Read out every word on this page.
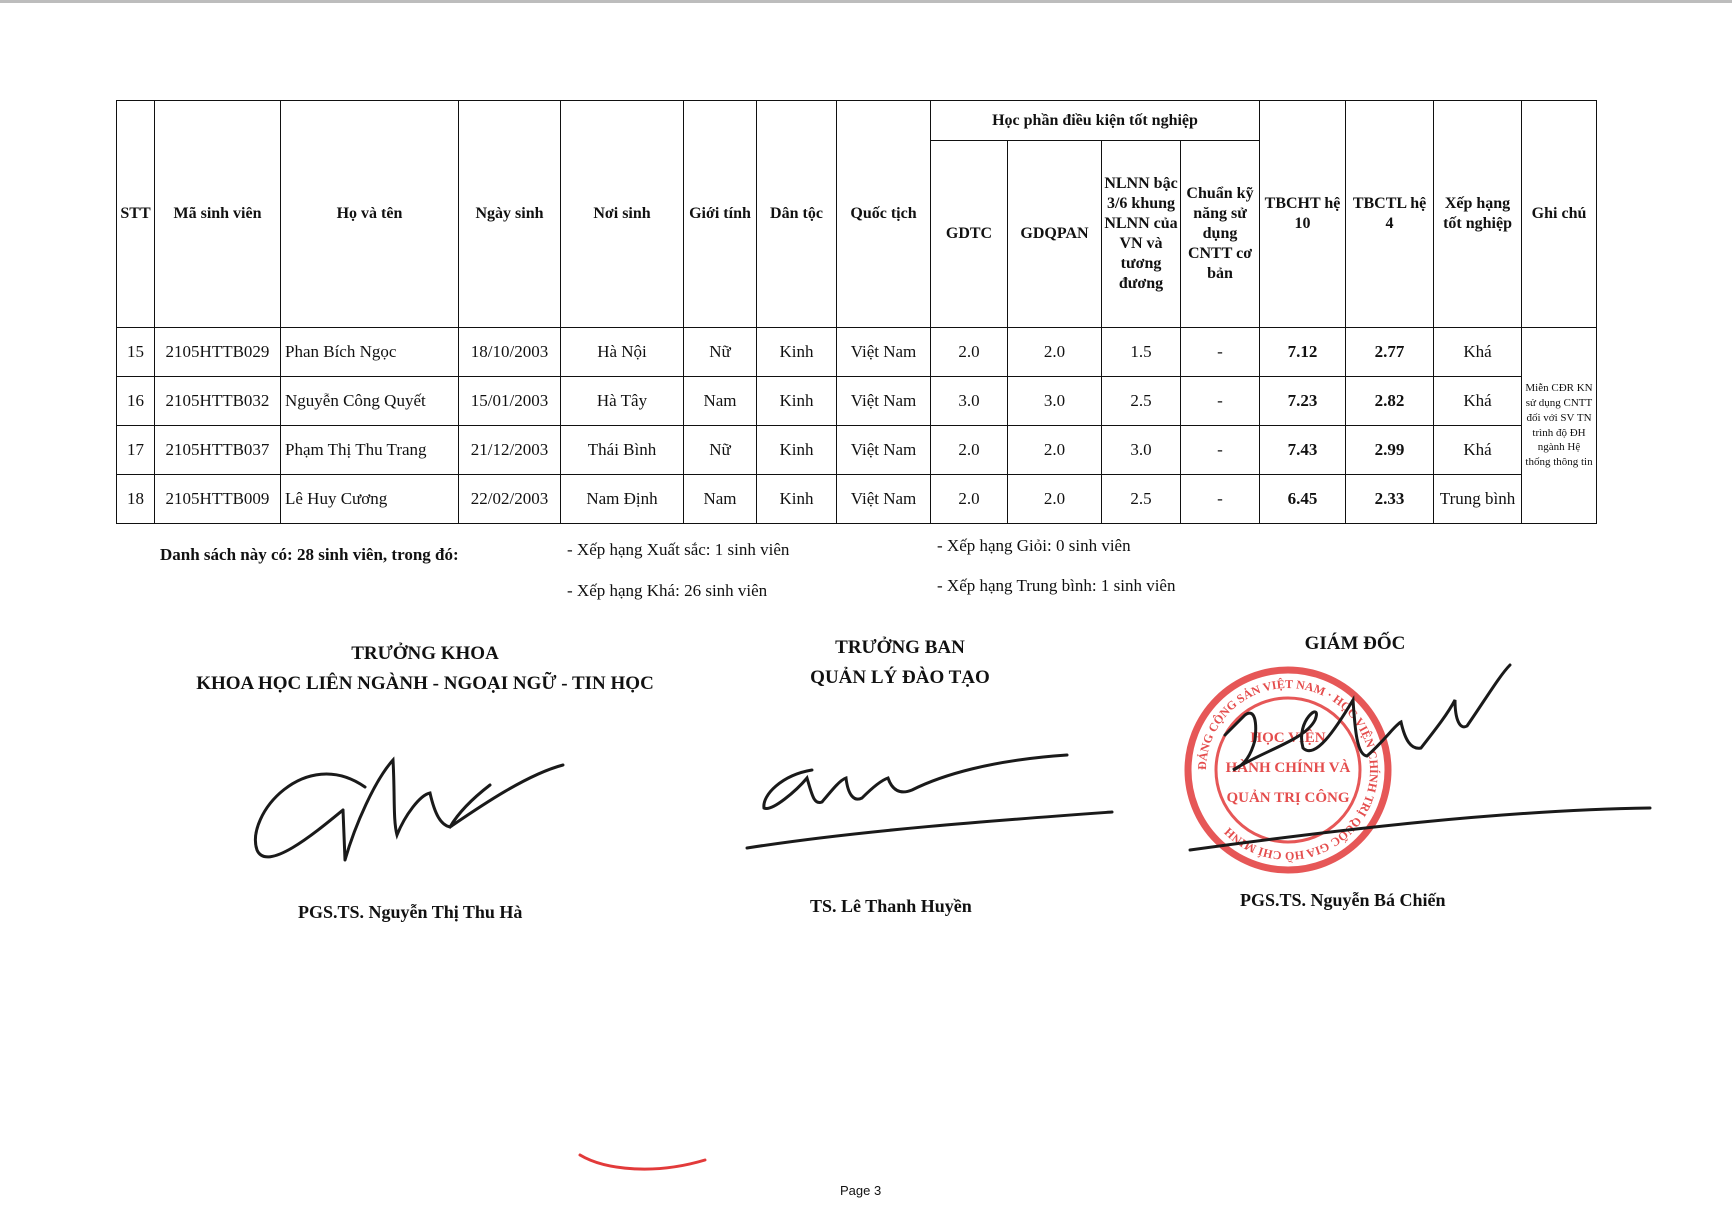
STT	Mã sinh viên	Họ và tên	Ngày sinh	Nơi sinh	Giới tính	Dân tộc	Quốc tịch	Học phần điều kiện tốt nghiệp				TBCHT hệ 10	TBCTL hệ 4	Xếp hạng tốt nghiệp	Ghi chú
								GDTC	GDQPAN	NLNN bậc 3/6 khung NLNN của VN và tương đương	Chuẩn kỹ năng sử dụng CNTT cơ bản				
15	2105HTTB029	Phan Bích Ngọc	18/10/2003	Hà Nội	Nữ	Kinh	Việt Nam	2.0	2.0	1.5	-	7.12	2.77	Khá	Miễn CĐR KN sử dụng CNTT đối với SV TN trình độ ĐH ngành Hệ thống thông tin
16	2105HTTB032	Nguyễn Công Quyết	15/01/2003	Hà Tây	Nam	Kinh	Việt Nam	3.0	3.0	2.5	-	7.23	2.82	Khá	
17	2105HTTB037	Phạm Thị Thu Trang	21/12/2003	Thái Bình	Nữ	Kinh	Việt Nam	2.0	2.0	3.0	-	7.43	2.99	Khá	
18	2105HTTB009	Lê Huy Cương	22/02/2003	Nam Định	Nam	Kinh	Việt Nam	2.0	2.0	2.5	-	6.45	2.33	Trung bình	
Danh sách này có: 28 sinh viên, trong đó:	- Xếp hạng Xuất sắc: 1 sinh viên	- Xếp hạng Giỏi: 0 sinh viên
- Xếp hạng Khá: 26 sinh viên	- Xếp hạng Trung bình: 1 sinh viên
TRƯỞNG KHOA
KHOA HỌC LIÊN NGÀNH - NGOẠI NGỮ - TIN HỌC
PGS.TS. Nguyễn Thị Thu Hà
TRƯỞNG BAN
QUẢN LÝ ĐÀO TẠO
TS. Lê Thanh Huyền
GIÁM ĐỐC
ĐẢNG CỘNG SẢN VIỆT NAM · HỌC VIỆN CHÍNH TRỊ QUỐC GIA HỒ CHÍ MINH
HỌC VIỆN
HÀNH CHÍNH VÀ
QUẢN TRỊ CÔNG
PGS.TS. Nguyễn Bá Chiến
Page 3
